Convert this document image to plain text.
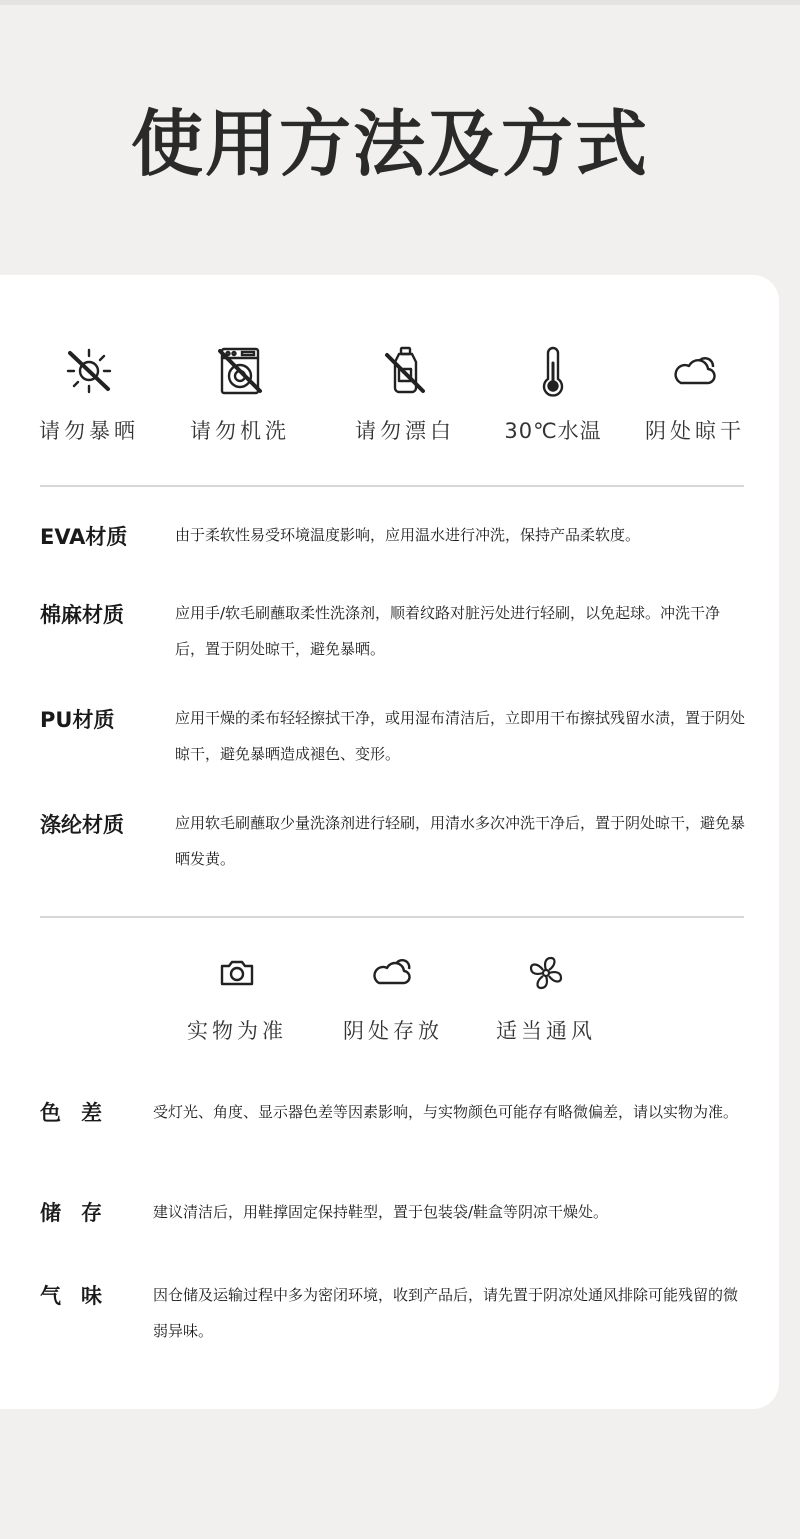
使用方法及方式
请勿暴晒	请勿机洗	请勿漂白	30℃水温	阴处晾干
EVA材质	由于柔软性易受环境温度影响，应用温水进行冲洗，保持产品柔软度。
棉麻材质	应用手/软毛刷蘸取柔性洗涤剂，顺着纹路对脏污处进行轻刷，以免起球。冲洗干净后，置于阴处晾干，避免暴晒。
PU材质	应用干燥的柔布轻轻擦拭干净，或用湿布清洁后，立即用干布擦拭残留水渍，置于阴处晾干，避免暴晒造成褪色、变形。
涤纶材质	应用软毛刷蘸取少量洗涤剂进行轻刷，用清水多次冲洗干净后，置于阴处晾干，避免暴晒发黄。
实物为准	阴处存放	适当通风
色差 受灯光、角度、显示器色差等因素影响，与实物颜色可能存有略微偏差，请以实物为准。
储存 建议清洁后，用鞋撑固定保持鞋型，置于包装袋/鞋盒等阴凉干燥处。
气味 因仓储及运输过程中多为密闭环境，收到产品后，请先置于阴凉处通风排除可能残留的微弱异味。
